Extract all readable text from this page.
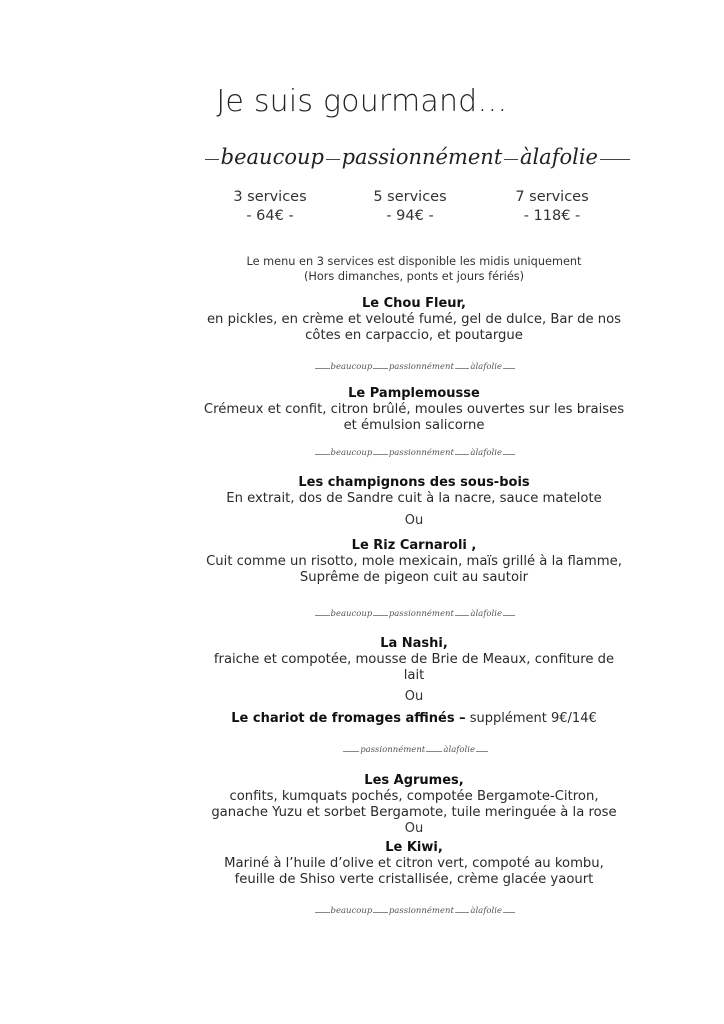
Je suis gourmand…
beaucoup passionnément àlafolie
3 services
- 64€ -
5 services
- 94€ -
7 services
- 118€ -
Le menu en 3 services est disponible les midis uniquement
(Hors dimanches, ponts et jours fériés)
Le Chou Fleur,
en pickles, en crème et velouté fumé, gel de dulce, Bar de nos
côtes en carpaccio, et poutargue
beaucoup passionnément àlafolie
Le Pamplemousse
Crémeux et confit, citron brûlé, moules ouvertes sur les braises
et émulsion salicorne
beaucoup passionnément àlafolie
Les champignons des sous-bois
En extrait, dos de Sandre cuit à la nacre, sauce matelote
Ou
Le Riz Carnaroli ,
Cuit comme un risotto, mole mexicain, maïs grillé à la flamme,
Suprême de pigeon cuit au sautoir
beaucoup passionnément àlafolie
La Nashi,
fraiche et compotée, mousse de Brie de Meaux, confiture de
lait
Ou
Le chariot de fromages affinés – supplément 9€/14€
passionnément àlafolie
Les Agrumes,
confits, kumquats pochés, compotée Bergamote-Citron,
ganache Yuzu et sorbet Bergamote, tuile meringuée à la rose
Ou
Le Kiwi,
Mariné à l’huile d’olive et citron vert, compoté au kombu,
feuille de Shiso verte cristallisée, crème glacée yaourt
beaucoup passionnément àlafolie
